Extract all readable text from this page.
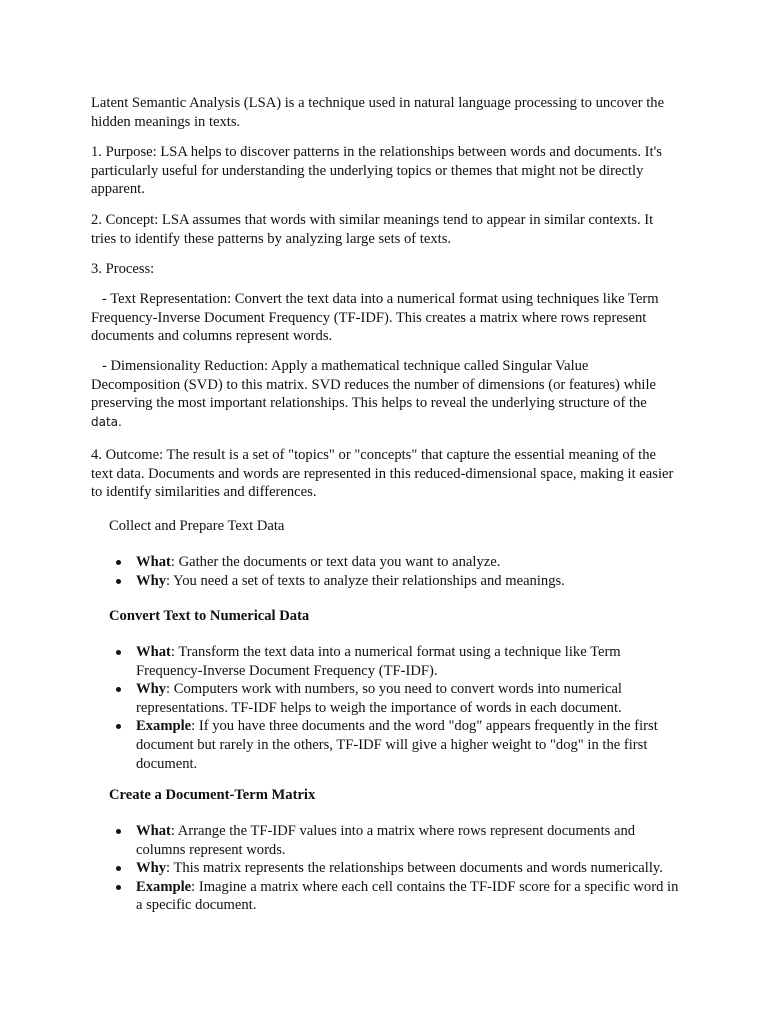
Latent Semantic Analysis (LSA) is a technique used in natural language processing to uncover the hidden meanings in texts.

1. Purpose: LSA helps to discover patterns in the relationships between words and documents. It's particularly useful for understanding the underlying topics or themes that might not be directly apparent.

2. Concept: LSA assumes that words with similar meanings tend to appear in similar contexts. It tries to identify these patterns by analyzing large sets of texts.

3. Process:

- Text Representation: Convert the text data into a numerical format using techniques like Term Frequency-Inverse Document Frequency (TF-IDF). This creates a matrix where rows represent documents and columns represent words.

- Dimensionality Reduction: Apply a mathematical technique called Singular Value Decomposition (SVD) to this matrix. SVD reduces the number of dimensions (or features) while preserving the most important relationships. This helps to reveal the underlying structure of the data.

4. Outcome: The result is a set of "topics" or "concepts" that capture the essential meaning of the text data. Documents and words are represented in this reduced-dimensional space, making it easier to identify similarities and differences.

Collect and Prepare Text Data

What: Gather the documents or text data you want to analyze.
Why: You need a set of texts to analyze their relationships and meanings.

Convert Text to Numerical Data

What: Transform the text data into a numerical format using a technique like Term Frequency-Inverse Document Frequency (TF-IDF).
Why: Computers work with numbers, so you need to convert words into numerical representations. TF-IDF helps to weigh the importance of words in each document.
Example: If you have three documents and the word "dog" appears frequently in the first document but rarely in the others, TF-IDF will give a higher weight to "dog" in the first document.

Create a Document-Term Matrix

What: Arrange the TF-IDF values into a matrix where rows represent documents and columns represent words.
Why: This matrix represents the relationships between documents and words numerically.
Example: Imagine a matrix where each cell contains the TF-IDF score for a specific word in a specific document.
